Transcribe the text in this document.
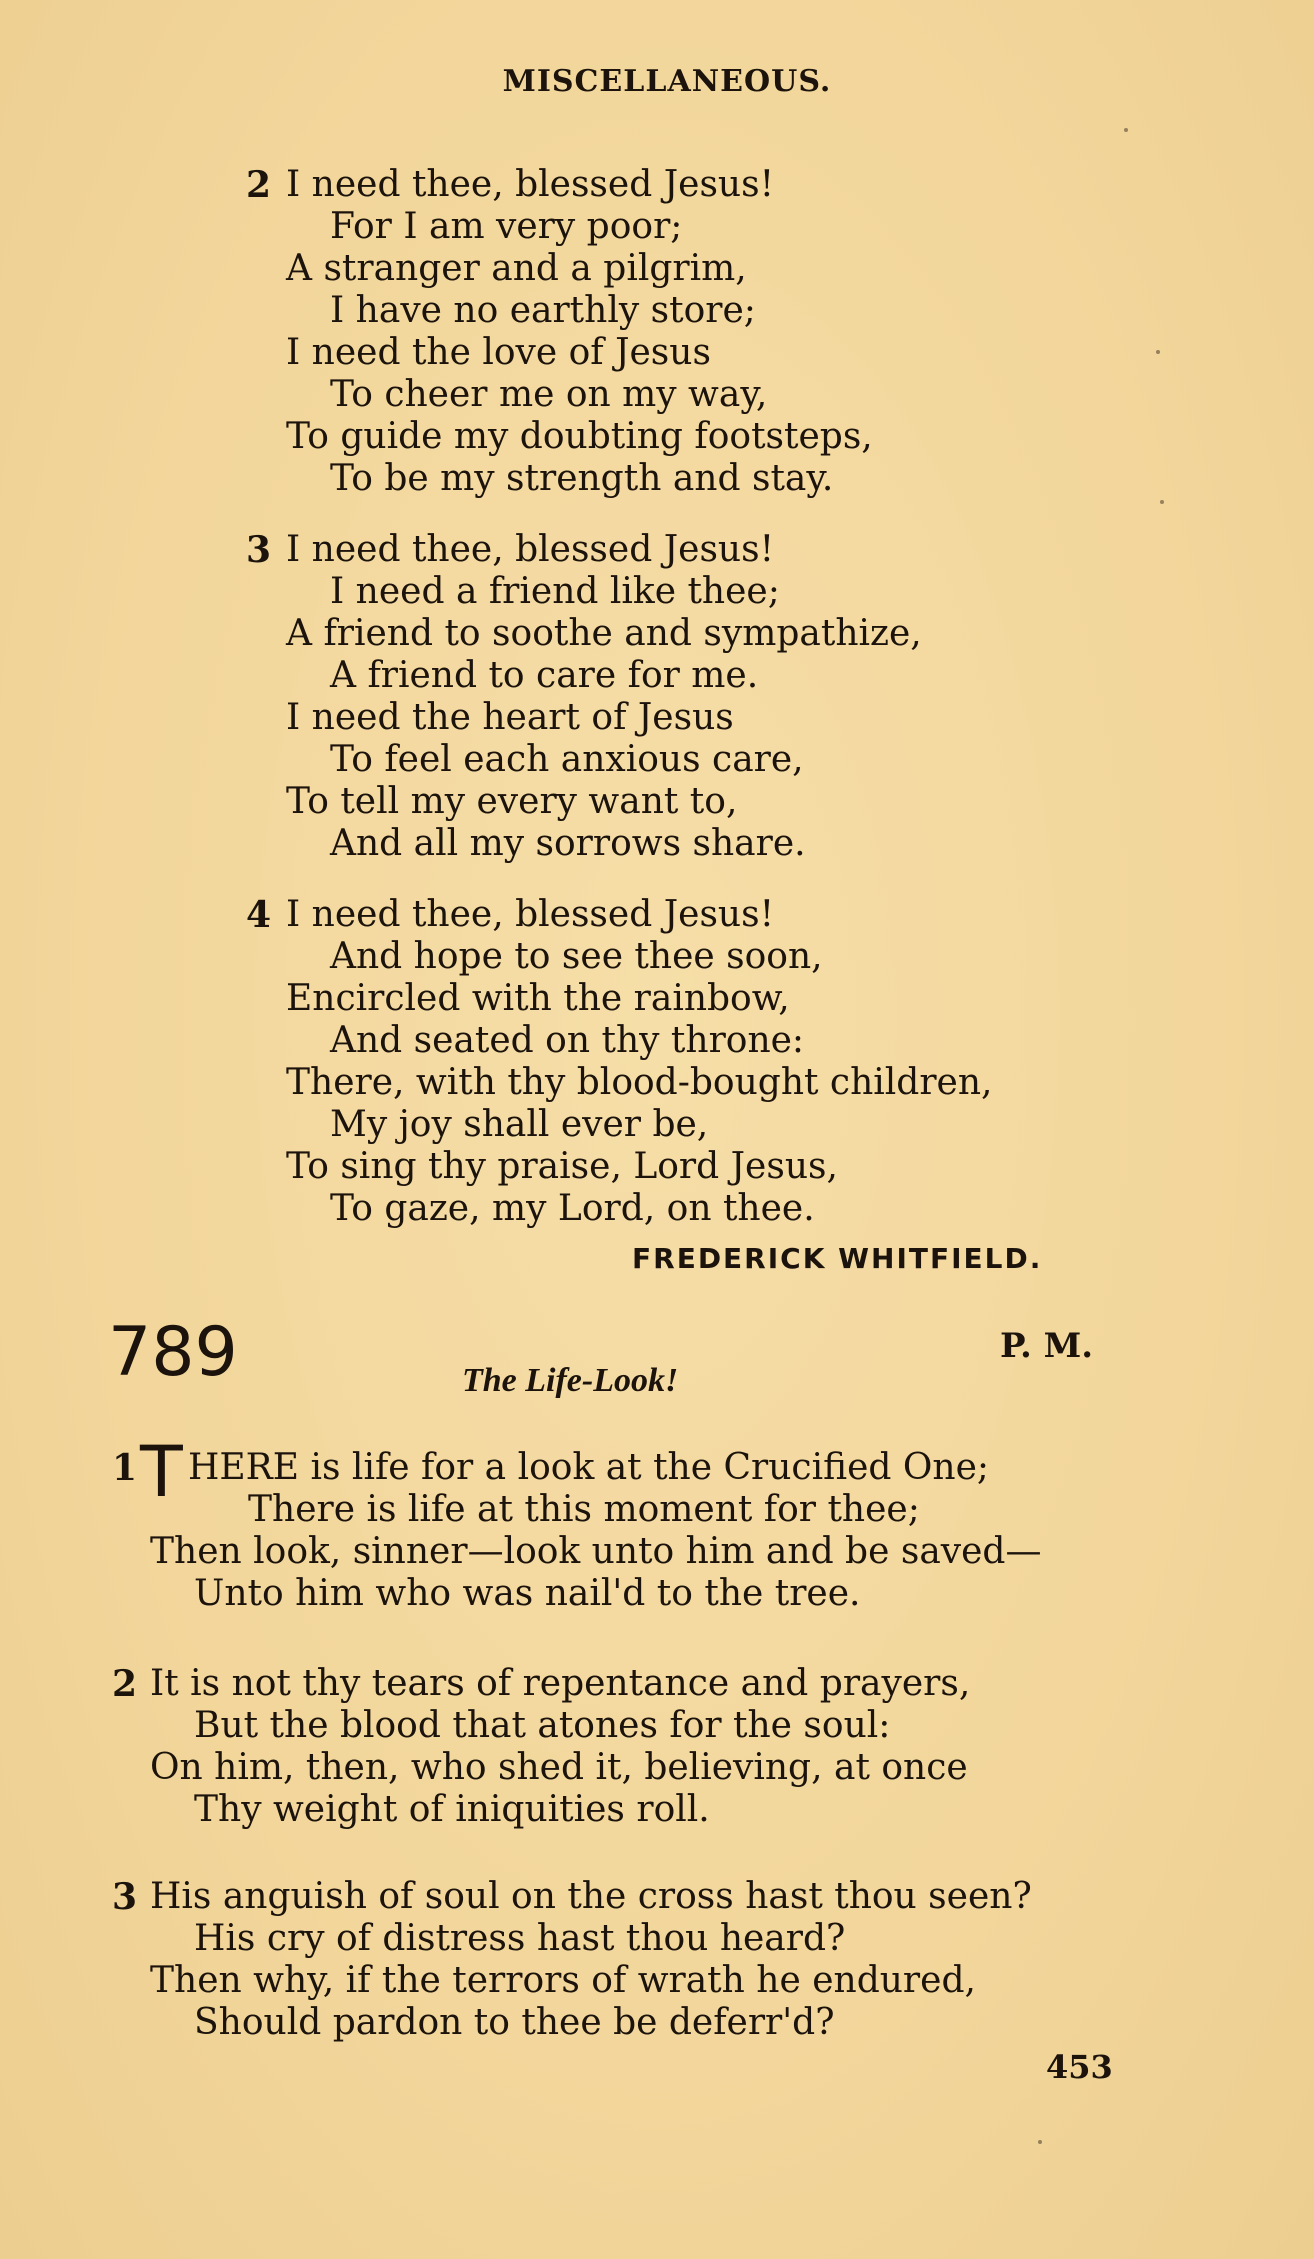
MISCELLANEOUS.
2 I need thee, blessed Jesus!
For I am very poor;
A stranger and a pilgrim,
I have no earthly store;
I need the love of Jesus
To cheer me on my way,
To guide my doubting footsteps,
To be my strength and stay.
3 I need thee, blessed Jesus!
I need a friend like thee;
A friend to soothe and sympathize,
A friend to care for me.
I need the heart of Jesus
To feel each anxious care,
To tell my every want to,
And all my sorrows share.
4 I need thee, blessed Jesus!
And hope to see thee soon,
Encircled with the rainbow,
And seated on thy throne:
There, with thy blood-bought children,
My joy shall ever be,
To sing thy praise, Lord Jesus,
To gaze, my Lord, on thee.
FREDERICK WHITFIELD.
789	P. M.
The Life-Look!
1 T HERE is life for a look at the Crucified One;
There is life at this moment for thee;
Then look, sinner—look unto him and be saved—
Unto him who was nail'd to the tree.
2 It is not thy tears of repentance and prayers,
But the blood that atones for the soul:
On him, then, who shed it, believing, at once
Thy weight of iniquities roll.
3 His anguish of soul on the cross hast thou seen?
His cry of distress hast thou heard?
Then why, if the terrors of wrath he endured,
Should pardon to thee be deferr'd?
453
